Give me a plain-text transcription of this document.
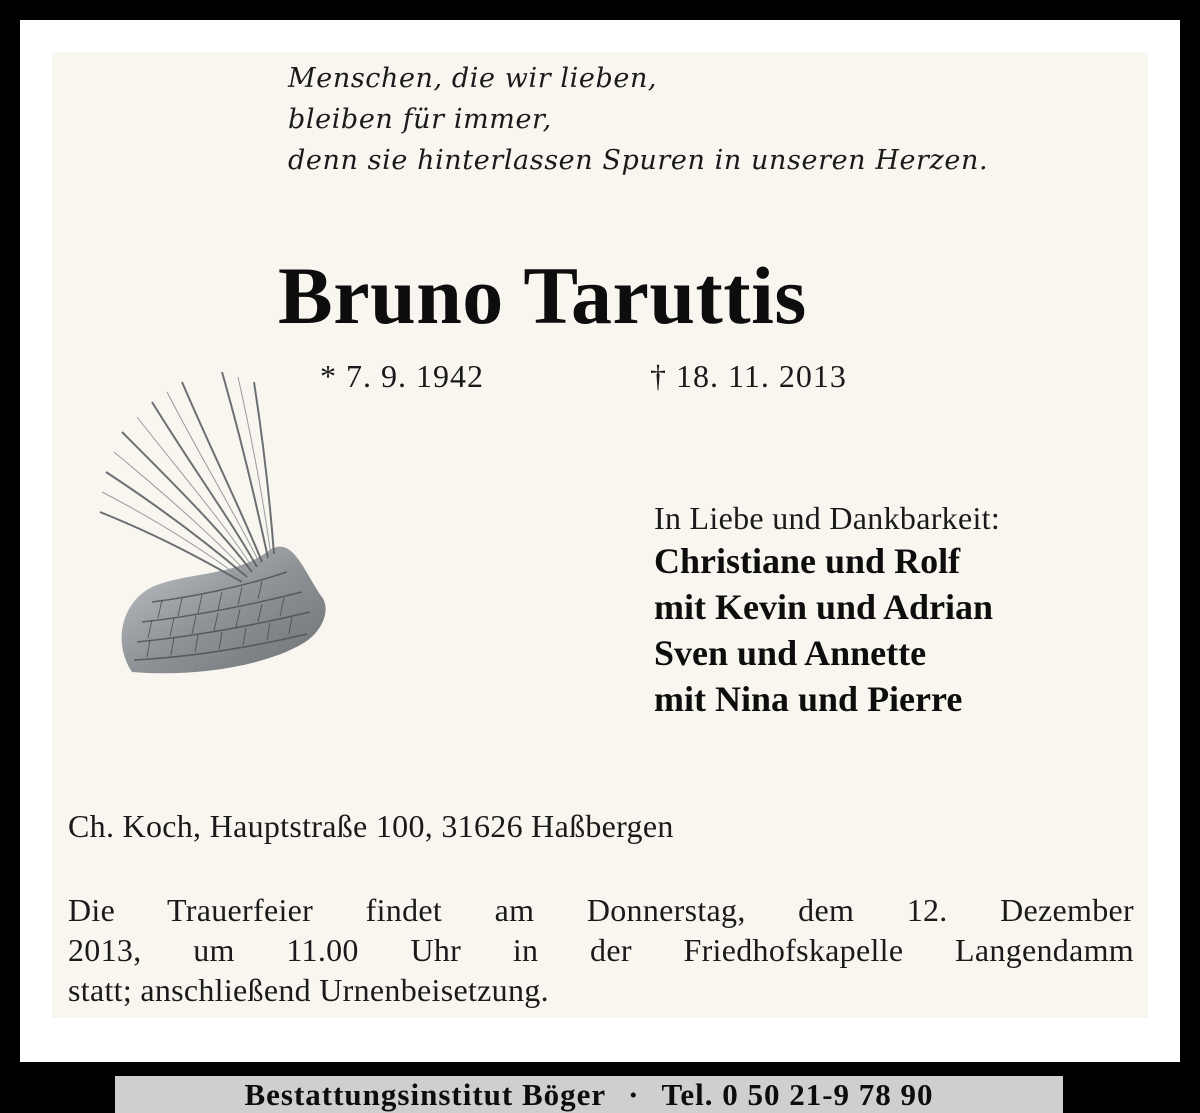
Menschen, die wir lieben,
bleiben für immer,
denn sie hinterlassen Spuren in unseren Herzen.
Bruno Taruttis
* 7. 9. 1942	† 18. 11. 2013
In Liebe und Dankbarkeit:
Christiane und Rolf
mit Kevin und Adrian
Sven und Annette
mit Nina und Pierre
Ch. Koch, Hauptstraße 100, 31626 Haßbergen
Die Trauerfeier findet am Donnerstag, dem 12. Dezember
2013, um 11.00 Uhr in der Friedhofskapelle Langendamm
statt; anschließend Urnenbeisetzung.
Bestattungsinstitut Böger · Tel. 0 50 21-9 78 90
